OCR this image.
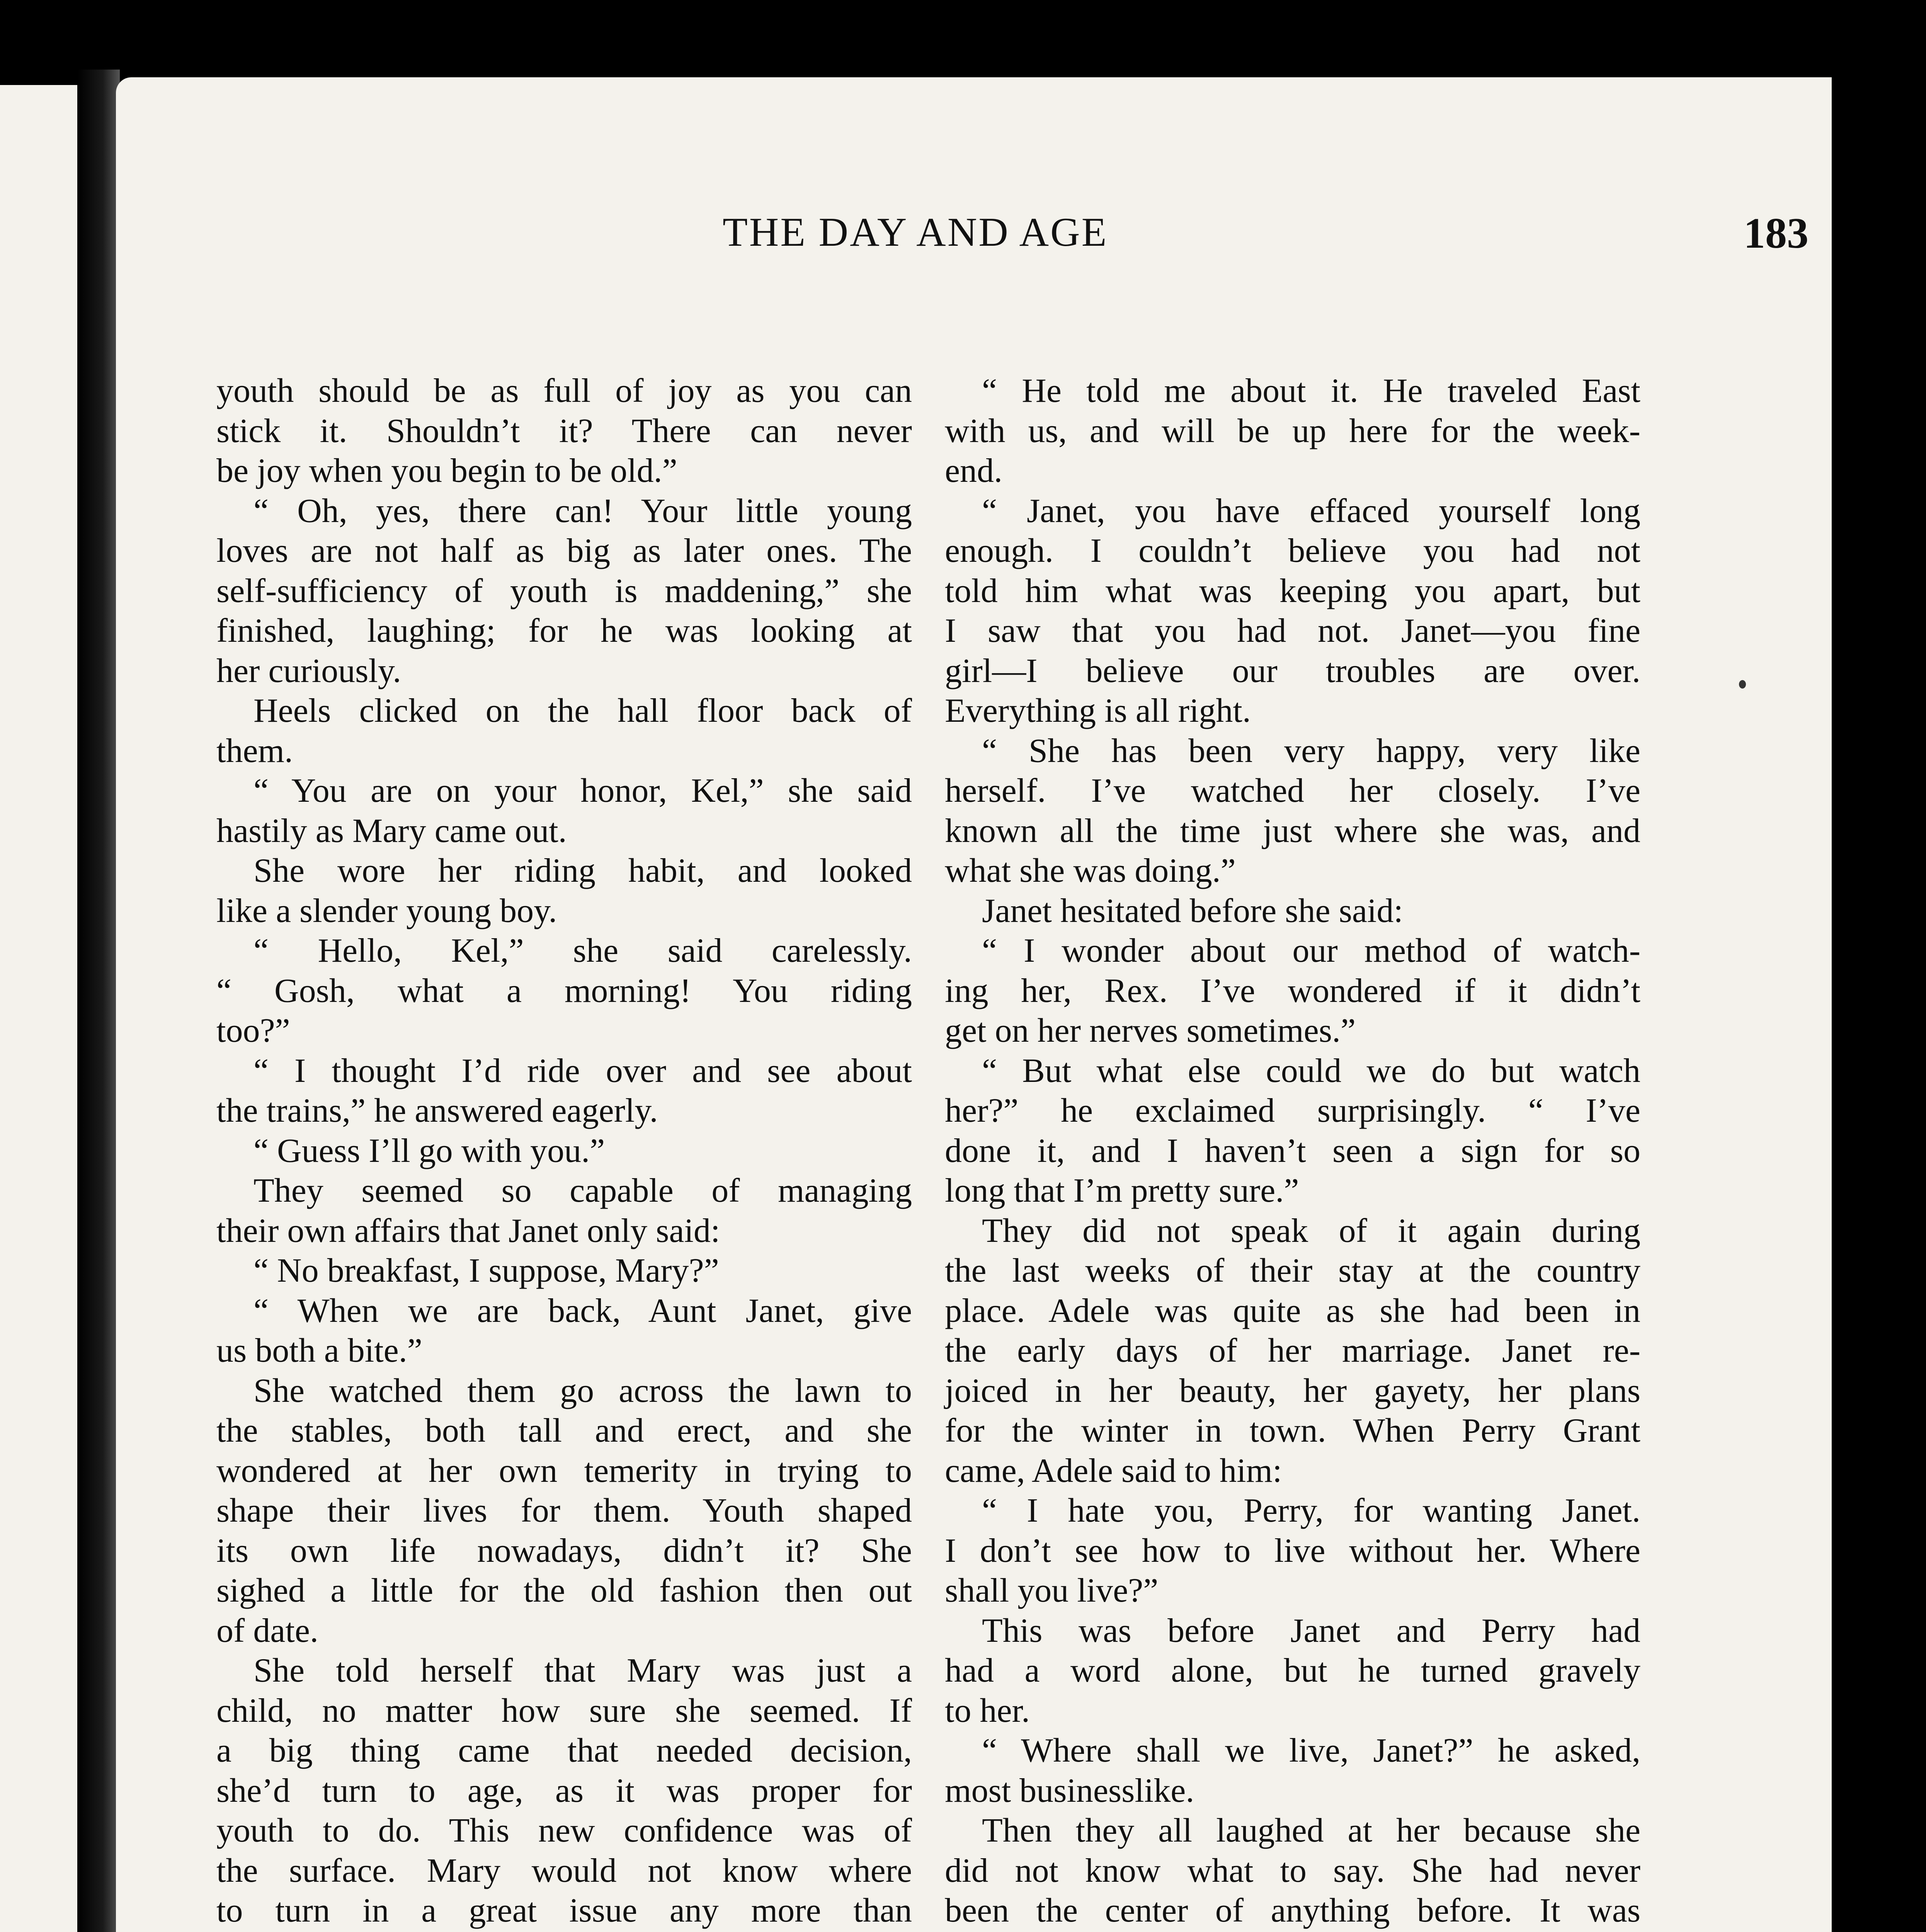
THE DAY AND AGE	183
youth should be as full of joy as you can
stick it. Shouldn’t it? There can never
be joy when you begin to be old.”
“ Oh, yes, there can! Your little young
loves are not half as big as later ones. The
self-sufficiency of youth is maddening,” she
finished, laughing; for he was looking at
her curiously.
Heels clicked on the hall floor back of
them.
“ You are on your honor, Kel,” she said
hastily as Mary came out.
She wore her riding habit, and looked
like a slender young boy.
“ Hello, Kel,” she said carelessly.
“ Gosh, what a morning! You riding
too?”
“ I thought I’d ride over and see about
the trains,” he answered eagerly.
“ Guess I’ll go with you.”
They seemed so capable of managing
their own affairs that Janet only said:
“ No breakfast, I suppose, Mary?”
“ When we are back, Aunt Janet, give
us both a bite.”
She watched them go across the lawn to
the stables, both tall and erect, and she
wondered at her own temerity in trying to
shape their lives for them. Youth shaped
its own life nowadays, didn’t it? She
sighed a little for the old fashion then out
of date.
She told herself that Mary was just a
child, no matter how sure she seemed. If
a big thing came that needed decision,
she’d turn to age, as it was proper for
youth to do. This new confidence was of
the surface. Mary would not know where
to turn in a great issue any more than
“ He told me about it. He traveled East
with us, and will be up here for the week-
end.
“ Janet, you have effaced yourself long
enough. I couldn’t believe you had not
told him what was keeping you apart, but
I saw that you had not. Janet—you fine
girl—I believe our troubles are over.
Everything is all right.
“ She has been very happy, very like
herself. I’ve watched her closely. I’ve
known all the time just where she was, and
what she was doing.”
Janet hesitated before she said:
“ I wonder about our method of watch-
ing her, Rex. I’ve wondered if it didn’t
get on her nerves sometimes.”
“ But what else could we do but watch
her?” he exclaimed surprisingly. “ I’ve
done it, and I haven’t seen a sign for so
long that I’m pretty sure.”
They did not speak of it again during
the last weeks of their stay at the country
place. Adele was quite as she had been in
the early days of her marriage. Janet re-
joiced in her beauty, her gayety, her plans
for the winter in town. When Perry Grant
came, Adele said to him:
“ I hate you, Perry, for wanting Janet.
I don’t see how to live without her. Where
shall you live?”
This was before Janet and Perry had
had a word alone, but he turned gravely
to her.
“ Where shall we live, Janet?” he asked,
most businesslike.
Then they all laughed at her because she
did not know what to say. She had never
been the center of anything before. It was
